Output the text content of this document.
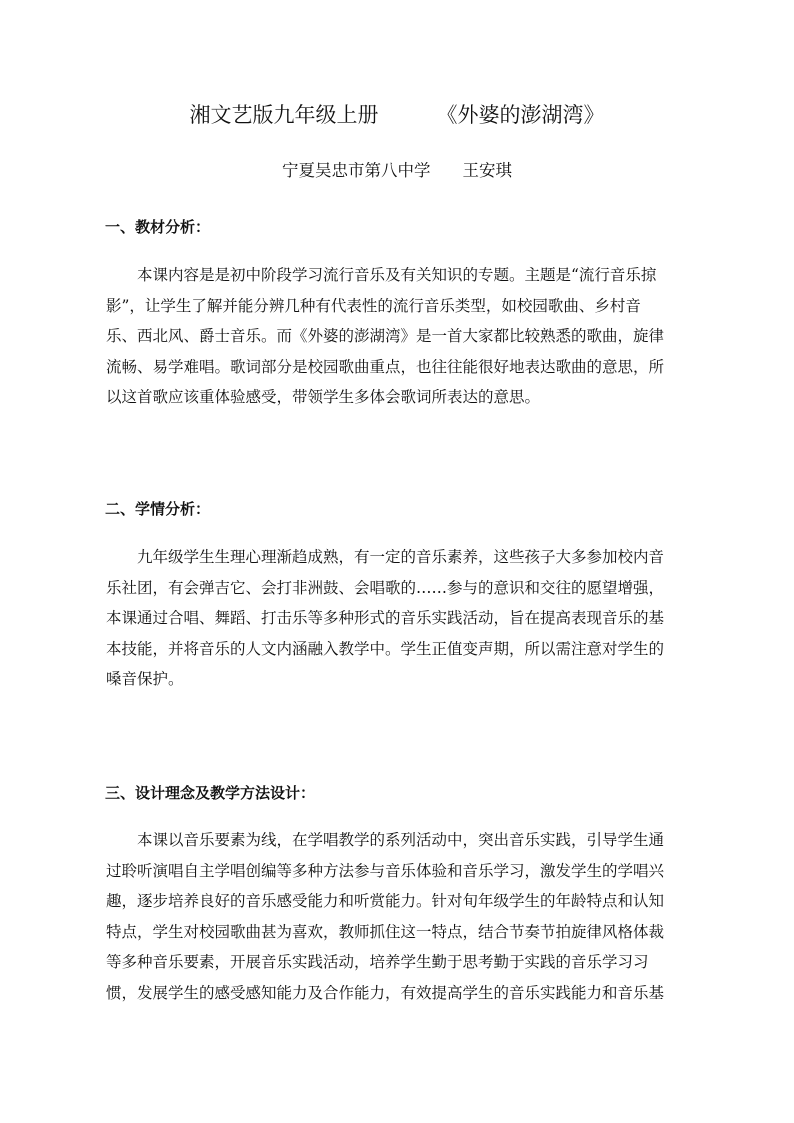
湘文艺版九年级上册	《外婆的澎湖湾》
宁夏吴忠市第八中学 王安琪
一、教材分析：
本课内容是是初中阶段学习流行音乐及有关知识的专题。主题是“流行音乐掠
影”，让学生了解并能分辨几种有代表性的流行音乐类型，如校园歌曲、乡村音
乐、西北风、爵士音乐。而《外婆的澎湖湾》是一首大家都比较熟悉的歌曲，旋律
流畅、易学难唱。歌词部分是校园歌曲重点，也往往能很好地表达歌曲的意思，所
以这首歌应该重体验感受，带领学生多体会歌词所表达的意思。
二、学情分析：
九年级学生生理心理渐趋成熟，有一定的音乐素养，这些孩子大多参加校内音
乐社团，有会弹吉它、会打非洲鼓、会唱歌的……参与的意识和交往的愿望增强，
本课通过合唱、舞蹈、打击乐等多种形式的音乐实践活动，旨在提高表现音乐的基
本技能，并将音乐的人文内涵融入教学中。学生正值变声期，所以需注意对学生的
嗓音保护。
三、设计理念及教学方法设计：
本课以音乐要素为线，在学唱教学的系列活动中，突出音乐实践，引导学生通
过聆听演唱自主学唱创编等多种方法参与音乐体验和音乐学习，激发学生的学唱兴
趣，逐步培养良好的音乐感受能力和听赏能力。针对旬年级学生的年龄特点和认知
特点，学生对校园歌曲甚为喜欢，教师抓住这一特点，结合节奏节拍旋律风格体裁
等多种音乐要素，开展音乐实践活动，培养学生勤于思考勤于实践的音乐学习习
惯，发展学生的感受感知能力及合作能力，有效提高学生的音乐实践能力和音乐基
